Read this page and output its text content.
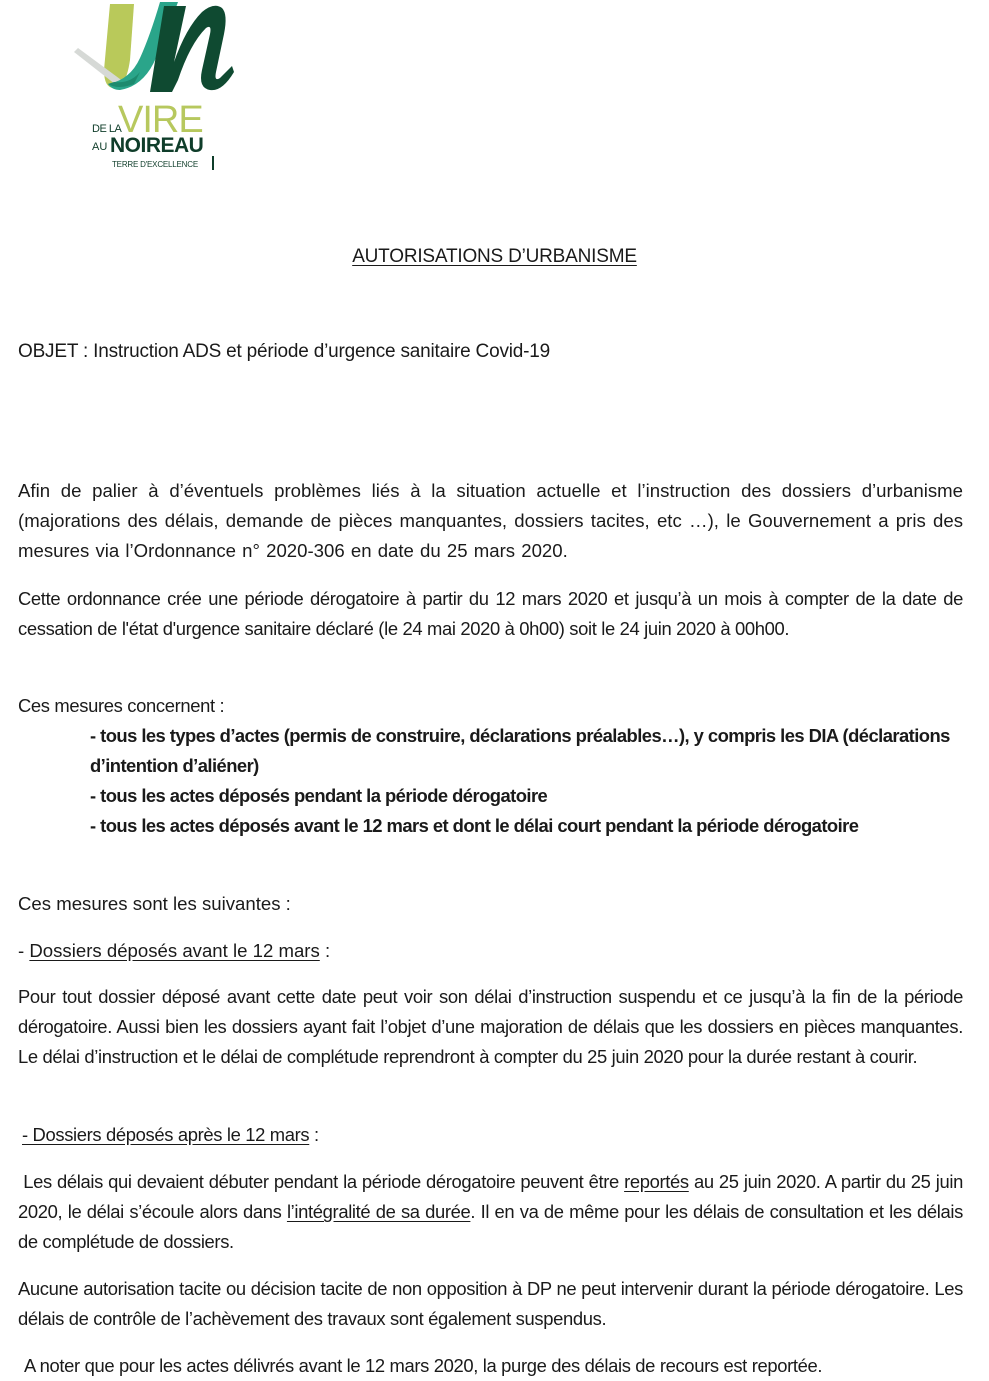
VIRE
DE LA
AU NOIREAU
TERRE D'EXCELLENCE
AUTORISATIONS D’URBANISME
OBJET : Instruction ADS et période d’urgence sanitaire Covid-19

Afin de palier à d’éventuels problèmes liés à la situation actuelle et l’instruction des dossiers d’urbanisme (majorations des délais, demande de pièces manquantes, dossiers tacites, etc …), le Gouvernement a pris des mesures via l’Ordonnance n° 2020-306 en date du 25 mars 2020.

Cette ordonnance crée une période dérogatoire à partir du 12 mars 2020 et jusqu’à un mois à compter de la date de cessation de l'état d'urgence sanitaire déclaré (le 24 mai 2020 à 0h00) soit le 24 juin 2020 à 00h00.

Ces mesures concernent :
- tous les types d’actes (permis de construire, déclarations préalables…), y compris les DIA (déclarations d’intention d’aliéner)
- tous les actes déposés pendant la période dérogatoire
- tous les actes déposés avant le 12 mars et dont le délai court pendant la période dérogatoire
Ces mesures sont les suivantes :
- Dossiers déposés avant le 12 mars :

Pour tout dossier déposé avant cette date peut voir son délai d’instruction suspendu et ce jusqu’à la fin de la période dérogatoire. Aussi bien les dossiers ayant fait l’objet d’une majoration de délais que les dossiers en pièces manquantes. Le délai d’instruction et le délai de complétude reprendront à compter du 25 juin 2020 pour la durée restant à courir.

- Dossiers déposés après le 12 mars :

Les délais qui devaient débuter pendant la période dérogatoire peuvent être reportés au 25 juin 2020. A partir du 25 juin 2020, le délai s’écoule alors dans l’intégralité de sa durée. Il en va de même pour les délais de consultation et les délais de complétude de dossiers.

Aucune autorisation tacite ou décision tacite de non opposition à DP ne peut intervenir durant la période dérogatoire. Les délais de contrôle de l’achèvement des travaux sont également suspendus.

A noter que pour les actes délivrés avant le 12 mars 2020, la purge des délais de recours est reportée.
